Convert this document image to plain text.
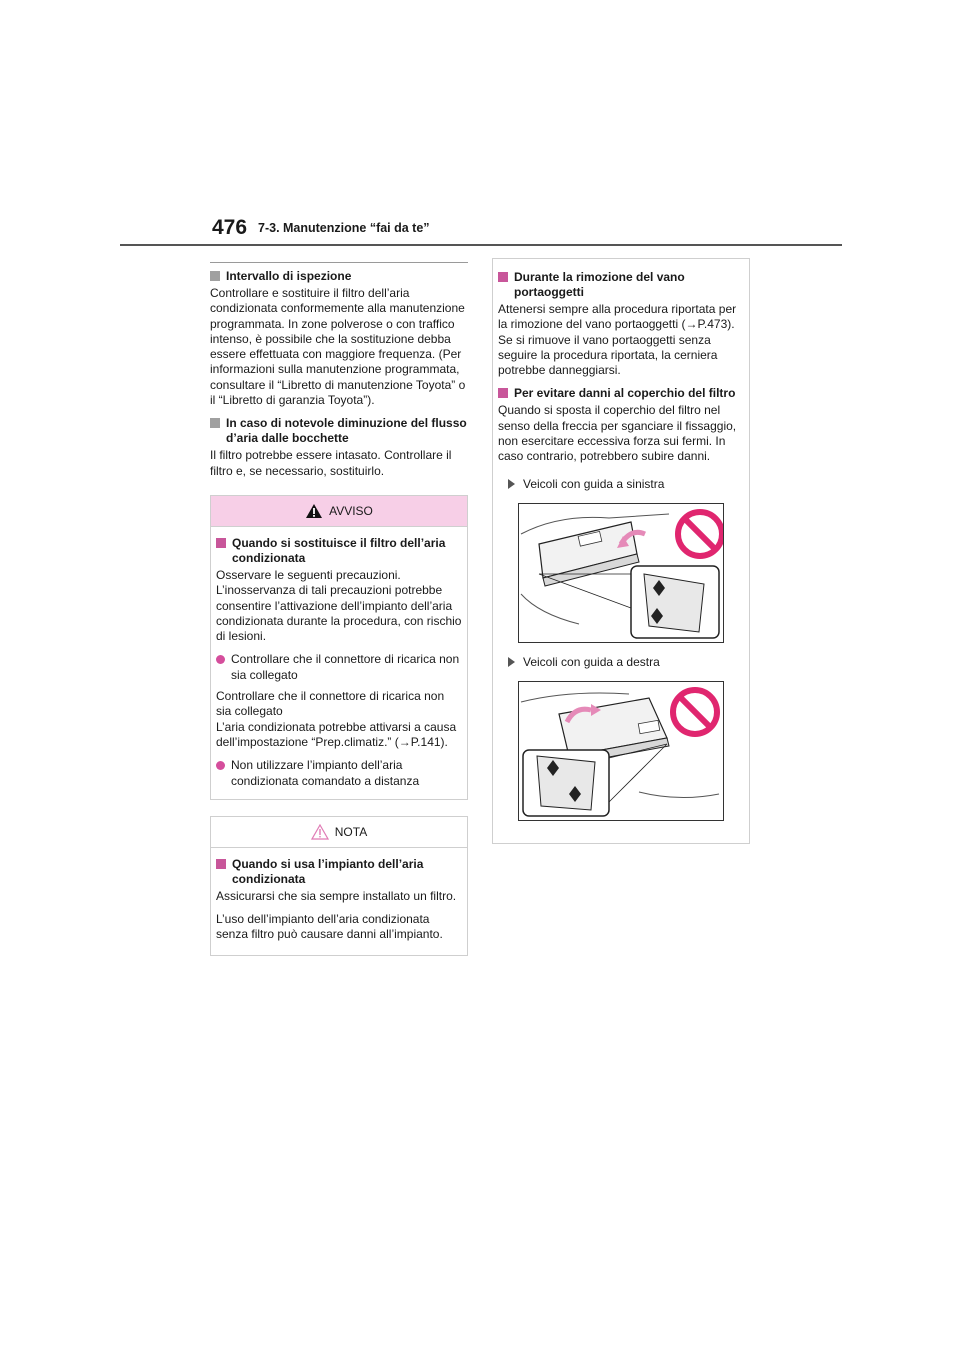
476 7-3. Manutenzione “fai da te”
Intervallo di ispezione

Controllare e sostituire il filtro dell’aria condizionata conformemente alla manutenzione programmata. In zone polverose o con traffico intenso, è possibile che la sostituzione debba essere effettuata con maggiore frequenza. (Per informazioni sulla manutenzione programmata, consultare il “Libretto di manutenzione Toyota” o il “Libretto di garanzia Toyota”).

In caso di notevole diminuzione del flusso d’aria dalle bocchette

Il filtro potrebbe essere intasato. Controllare il filtro e, se necessario, sostituirlo.

AVVISO
Quando si sostituisce il filtro dell’aria condizionata

Osservare le seguenti precauzioni. L’inosservanza di tali precauzioni potrebbe consentire l’attivazione dell’impianto dell’aria condizionata durante la procedura, con rischio di lesioni.

Controllare che il connettore di ricarica non sia collegato

Controllare che il connettore di ricarica non sia collegato
L’aria condizionata potrebbe attivarsi a causa dell’impostazione “Prep.climatiz.” (→P.141).

Non utilizzare l’impianto dell’aria condizionata comandato a distanza
NOTA
Quando si usa l’impianto dell’aria condizionata

Assicurarsi che sia sempre installato un filtro.

L’uso dell’impianto dell’aria condizionata senza filtro può causare danni all’impianto.

Durante la rimozione del vano portaoggetti

Attenersi sempre alla procedura riportata per la rimozione del vano portaoggetti (→P.473). Se si rimuove il vano portaoggetti senza seguire la procedura riportata, la cerniera potrebbe danneggiarsi.

Per evitare danni al coperchio del filtro

Quando si sposta il coperchio del filtro nel senso della freccia per sganciare il fissaggio, non esercitare eccessiva forza sui fermi. In caso contrario, potrebbero subire danni.

Veicoli con guida a sinistra
Veicoli con guida a destra
